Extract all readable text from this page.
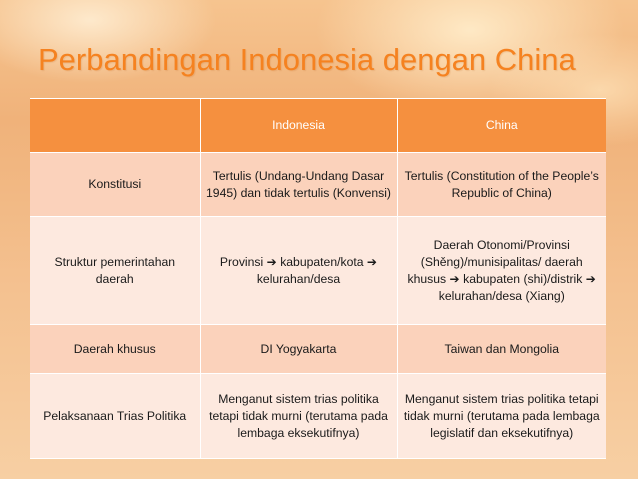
Perbandingan Indonesia dengan China
	Indonesia	China
Konstitusi	Tertulis (Undang-Undang Dasar 1945) dan tidak tertulis (Konvensi)	Tertulis (Constitution of the People’s Republic of China)
Struktur pemerintahan daerah	Provinsi ➔ kabupaten/kota ➔ kelurahan/desa	Daerah Otonomi/Provinsi (Shěng)/munisipalitas/ daerah khusus ➔ kabupaten (shi)/distrik ➔ kelurahan/desa (Xiang)
Daerah khusus	DI Yogyakarta	Taiwan dan Mongolia
Pelaksanaan Trias Politika	Menganut sistem trias politika tetapi tidak murni (terutama pada lembaga eksekutifnya)	Menganut sistem trias politika tetapi tidak murni (terutama pada lembaga legislatif dan eksekutifnya)
